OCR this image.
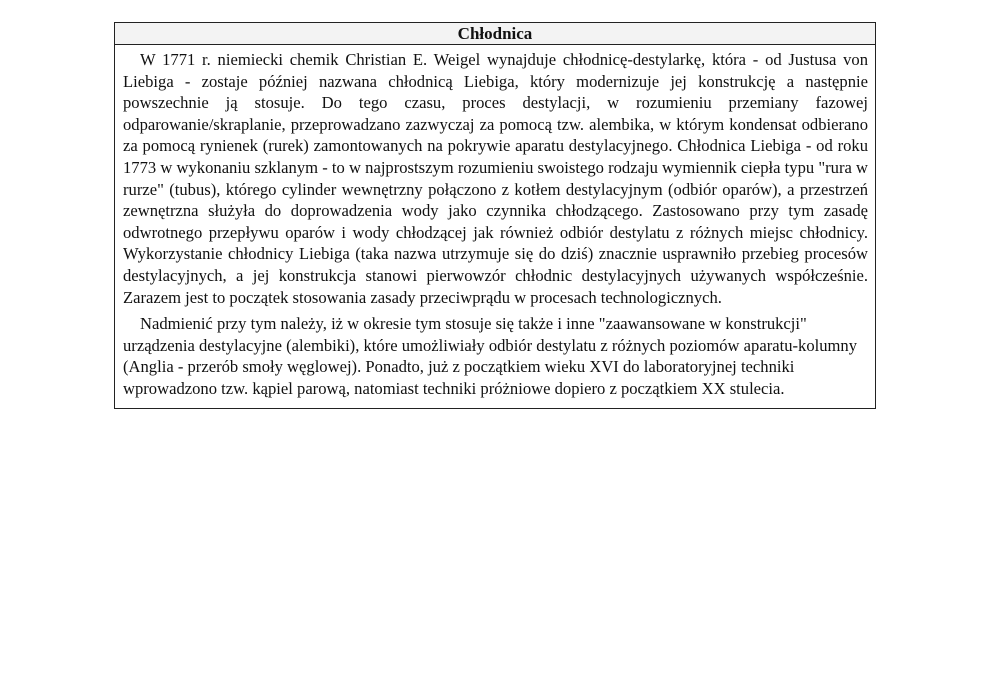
Chłodnica

W 1771 r. niemiecki chemik Christian E. Weigel wynajduje chłodnicę-destylarkę, która - od Justusa von Liebiga - zostaje później nazwana chłodnicą Liebiga, który modernizuje jej konstrukcję a następnie powszechnie ją stosuje. Do tego czasu, proces destylacji, w rozumieniu przemiany fazowej odparowanie/skraplanie, przeprowadzano zazwyczaj za pomocą tzw. alembika, w którym kondensat odbierano za pomocą rynienek (rurek) zamontowanych na pokrywie aparatu destylacyjnego. Chłodnica Liebiga - od roku 1773 w wykonaniu szklanym - to w najprostszym rozumieniu swoistego rodzaju wymiennik ciepła typu "rura w rurze" (tubus), którego cylinder wewnętrzny połączono z kotłem destylacyjnym (odbiór oparów), a przestrzeń zewnętrzna służyła do doprowadzenia wody jako czynnika chłodzącego. Zastosowano przy tym zasadę odwrotnego przepływu oparów i wody chłodzącej jak również odbiór destylatu z różnych miejsc chłodnicy. Wykorzystanie chłodnicy Liebiga (taka nazwa utrzymuje się do dziś) znacznie usprawniło przebieg procesów destylacyjnych, a jej konstrukcja stanowi pierwowzór chłodnic destylacyjnych używanych współcześnie. Zarazem jest to początek stosowania zasady przeciwprądu w procesach technologicznych.

Nadmienić przy tym należy, iż w okresie tym stosuje się także i inne "zaawansowane w konstrukcji" urządzenia destylacyjne (alembiki), które umożliwiały odbiór destylatu z różnych poziomów aparatu-kolumny (Anglia - przerób smoły węglowej). Ponadto, już z początkiem wieku XVI do laboratoryjnej techniki wprowadzono tzw. kąpiel parową, natomiast techniki próżniowe dopiero z początkiem XX stulecia.
